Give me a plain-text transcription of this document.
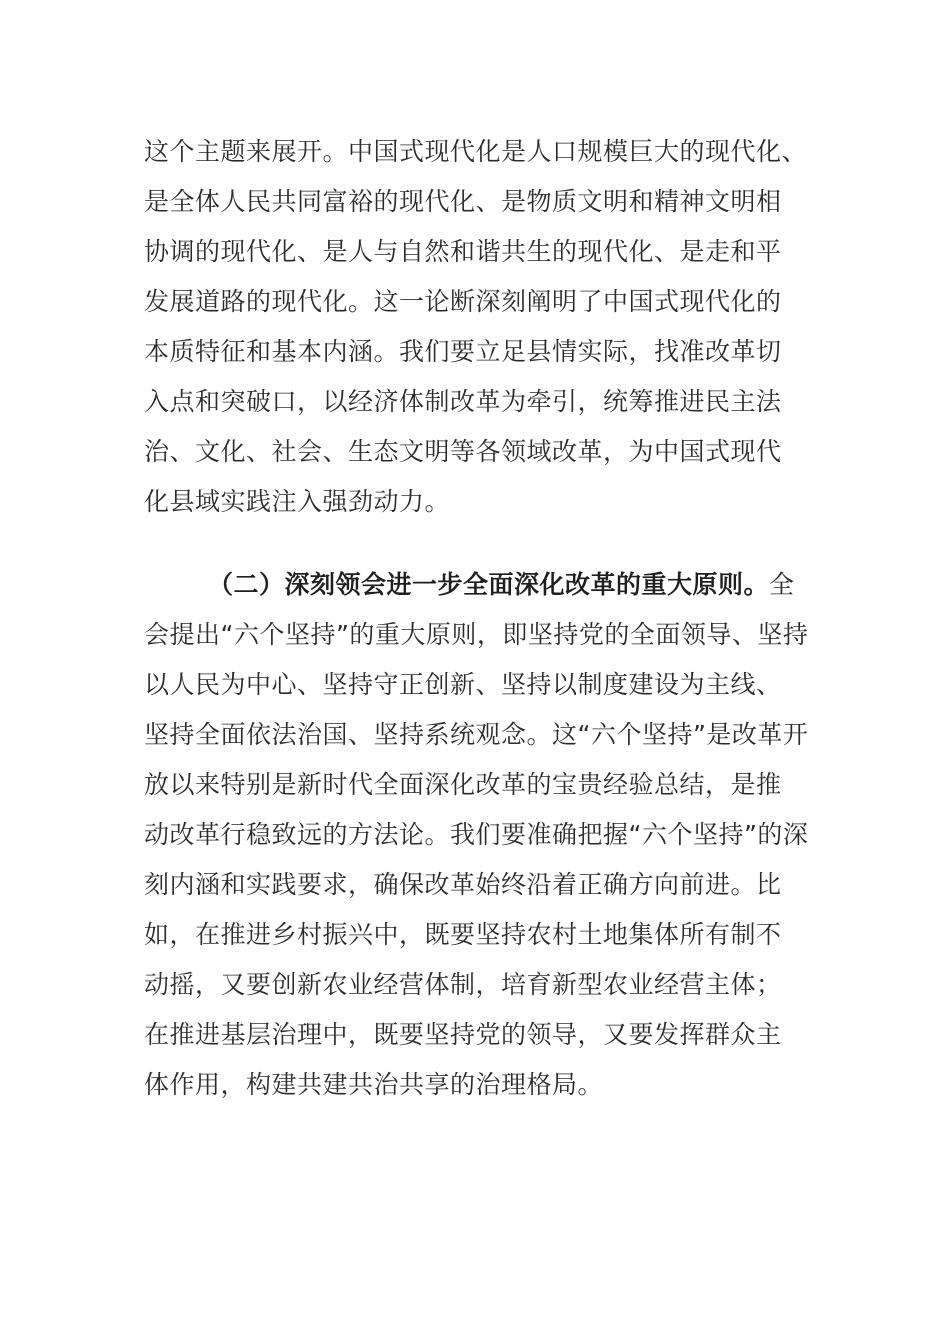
这个主题来展开。中国式现代化是人口规模巨大的现代化、
是全体人民共同富裕的现代化、是物质文明和精神文明相
协调的现代化、是人与自然和谐共生的现代化、是走和平
发展道路的现代化。这一论断深刻阐明了中国式现代化的
本质特征和基本内涵。我们要立足县情实际，找准改革切
入点和突破口，以经济体制改革为牵引，统筹推进民主法
治、文化、社会、生态文明等各领域改革，为中国式现代
化县域实践注入强劲动力。
（二）深刻领会进一步全面深化改革的重大原则。全
会提出“六个坚持”的重大原则，即坚持党的全面领导、坚持
以人民为中心、坚持守正创新、坚持以制度建设为主线、
坚持全面依法治国、坚持系统观念。这“六个坚持”是改革开
放以来特别是新时代全面深化改革的宝贵经验总结，是推
动改革行稳致远的方法论。我们要准确把握“六个坚持”的深
刻内涵和实践要求，确保改革始终沿着正确方向前进。比
如，在推进乡村振兴中，既要坚持农村土地集体所有制不
动摇，又要创新农业经营体制，培育新型农业经营主体；
在推进基层治理中，既要坚持党的领导，又要发挥群众主
体作用，构建共建共治共享的治理格局。
